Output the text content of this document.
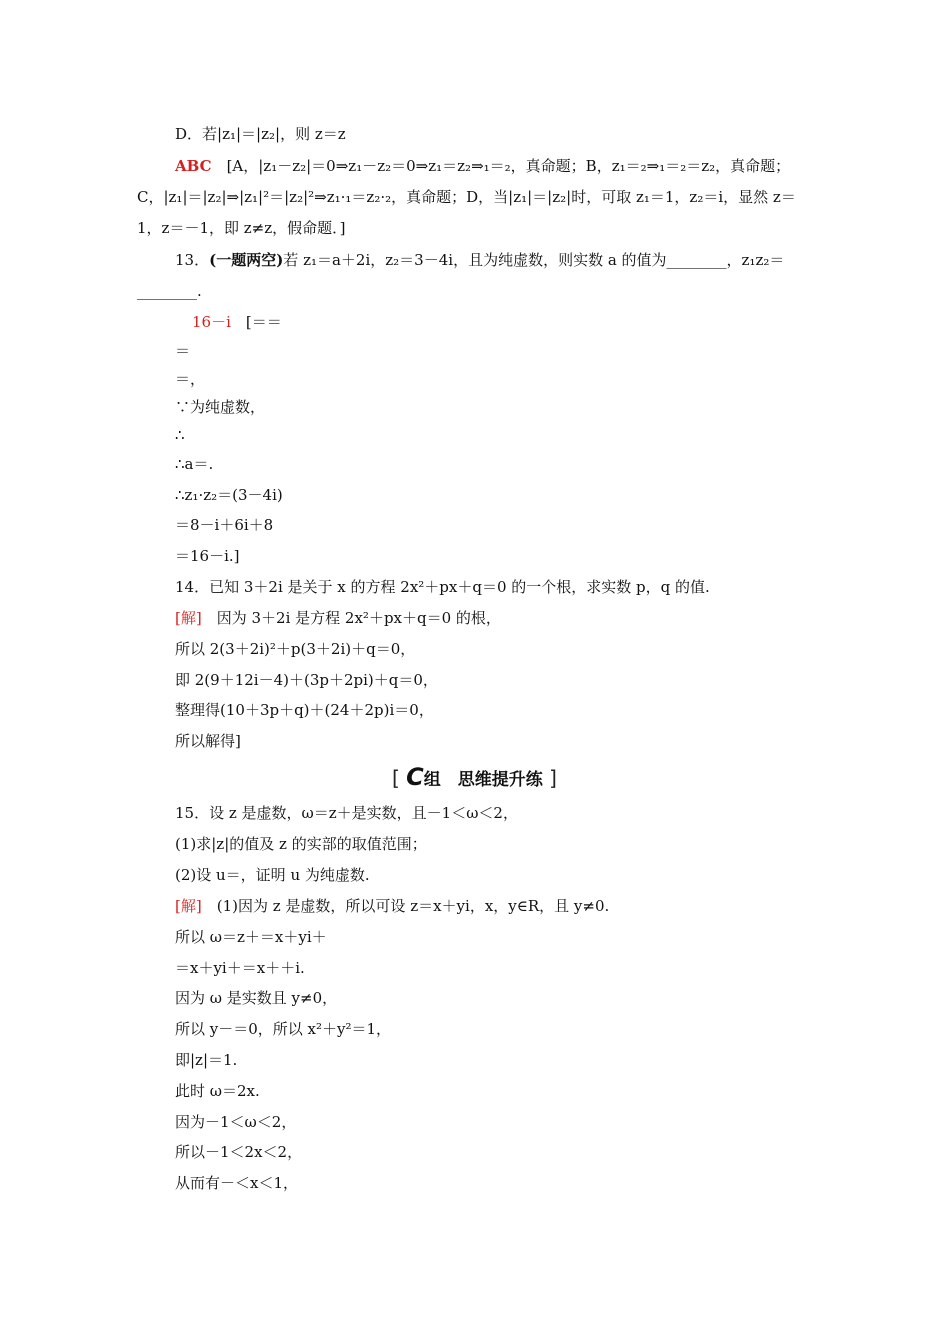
D．若|z₁|＝|z₂|，则 z＝z
ABC　 [A，|z₁－z₂|＝0⇒z₁－z₂＝0⇒z₁＝z₂⇒₁＝₂，真命题；B，z₁＝₂⇒₁＝₂＝z₂，真命题；
C，|z₁|＝|z₂|⇒|z₁|²＝|z₂|²⇒z₁·₁＝z₂·₂，真命题；D，当|z₁|＝|z₂|时，可取 z₁＝1，z₂＝i，显然 z＝
1，z＝－1，即 z≠z，假命题．]
13．(一题两空)若 z₁＝a＋2i，z₂＝3－4i，且为纯虚数，则实数 a 的值为________，z₁z₂＝
________.
16－i　 [＝＝
＝
＝，
∵为纯虚数，
∴
∴a＝.
∴z₁·z₂＝(3－4i)
＝8－i＋6i＋8
＝16－i.]
14．已知 3＋2i 是关于 x 的方程 2x²＋px＋q＝0 的一个根，求实数 p，q 的值.
[解]　 因为 3＋2i 是方程 2x²＋px＋q＝0 的根，
所以 2(3＋2i)²＋p(3＋2i)＋q＝0，
即 2(9＋12i－4)＋(3p＋2pi)＋q＝0，
整理得(10＋3p＋q)＋(24＋2p)i＝0，
所以解得]
[ C组　思维提升练 ]
15．设 z 是虚数，ω＝z＋是实数，且－1＜ω＜2，
(1)求|z|的值及 z 的实部的取值范围；
(2)设 u＝，证明 u 为纯虚数.
[解]　 (1)因为 z 是虚数，所以可设 z＝x＋yi，x，y∈R，且 y≠0.
所以 ω＝z＋＝x＋yi＋
＝x＋yi＋＝x＋＋i.
因为 ω 是实数且 y≠0，
所以 y－＝0，所以 x²＋y²＝1，
即|z|＝1.
此时 ω＝2x.
因为－1＜ω＜2，
所以－1＜2x＜2，
从而有－＜x＜1，
